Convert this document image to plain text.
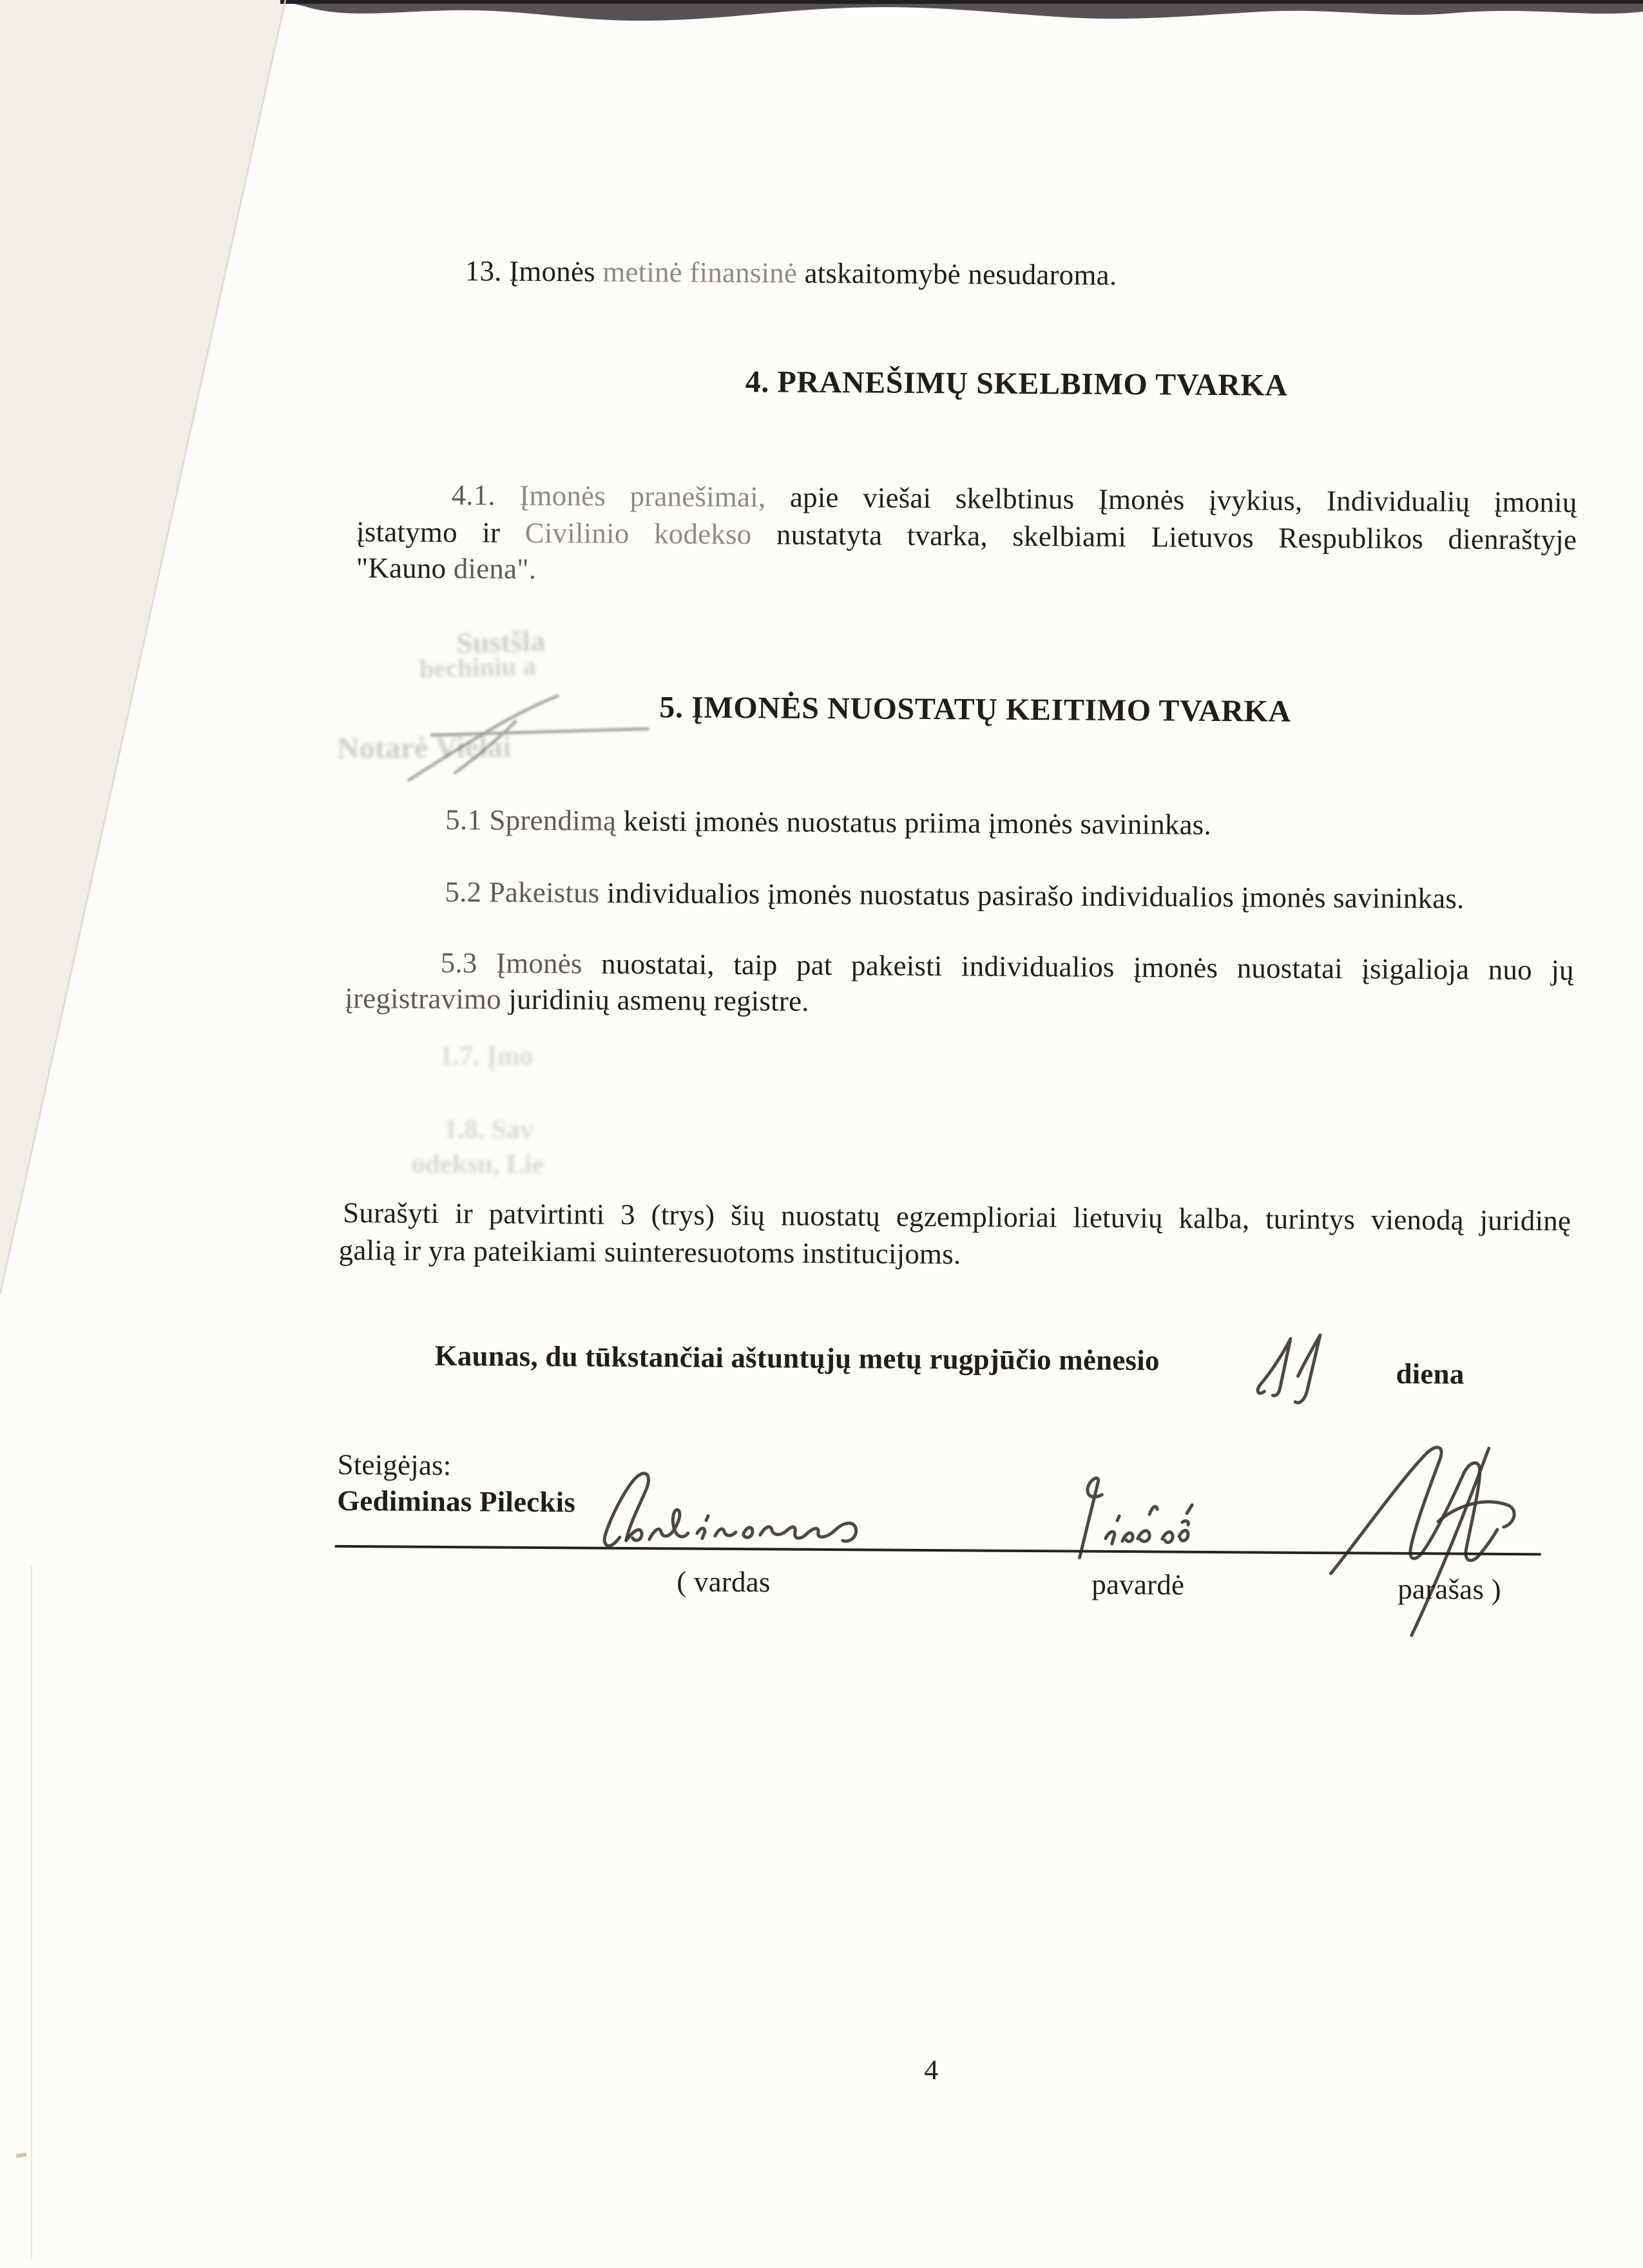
13. Įmonės metinė finansinė atskaitomybė nesudaroma.
4. PRANEŠIMŲ SKELBIMO TVARKA
4.1. Įmonės pranešimai, apie viešai skelbtinus Įmonės įvykius, Individualių įmonių
įstatymo ir Civilinio kodekso nustatyta tvarka, skelbiami Lietuvos Respublikos dienraštyje
"Kauno diena".
5. ĮMONĖS NUOSTATŲ KEITIMO TVARKA
5.1 Sprendimą keisti įmonės nuostatus priima įmonės savininkas.
5.2 Pakeistus individualios įmonės nuostatus pasirašo individualios įmonės savininkas.
5.3 Įmonės nuostatai, taip pat pakeisti individualios įmonės nuostatai įsigalioja nuo jų
įregistravimo juridinių asmenų registre.
Surašyti ir patvirtinti 3 (trys) šių nuostatų egzemplioriai lietuvių kalba, turintys vienodą juridinę
galią ir yra pateikiami suinteresuotoms institucijoms.
Kaunas, du tūkstančiai aštuntųjų metų rugpjūčio mėnesio	diena
Steigėjas:
Gediminas Pileckis
( vardas	pavardė	parašas )
4
Sustšla
bechiniu a
Notarė Vielai
1.7. Įmo
1.8. Sav
odeksu, Lie
